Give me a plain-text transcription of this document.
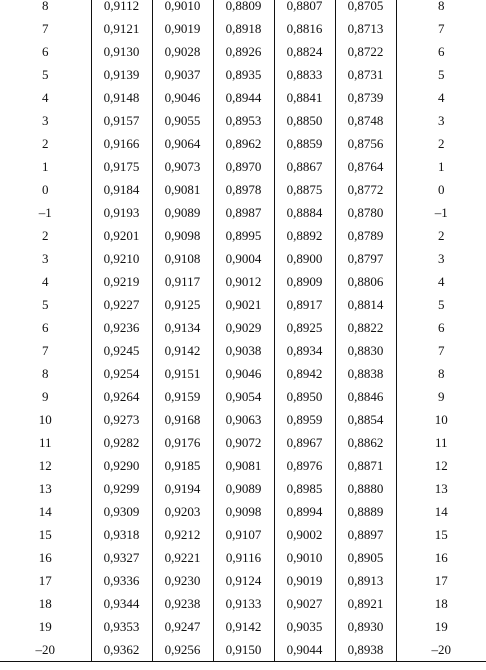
8	0,9112	0,9010	0,8809	0,8807	0,8705	8
7	0,9121	0,9019	0,8918	0,8816	0,8713	7
6	0,9130	0,9028	0,8926	0,8824	0,8722	6
5	0,9139	0,9037	0,8935	0,8833	0,8731	5
4	0,9148	0,9046	0,8944	0,8841	0,8739	4
3	0,9157	0,9055	0,8953	0,8850	0,8748	3
2	0,9166	0,9064	0,8962	0,8859	0,8756	2
1	0,9175	0,9073	0,8970	0,8867	0,8764	1
0	0,9184	0,9081	0,8978	0,8875	0,8772	0
–1	0,9193	0,9089	0,8987	0,8884	0,8780	–1
2	0,9201	0,9098	0,8995	0,8892	0,8789	2
3	0,9210	0,9108	0,9004	0,8900	0,8797	3
4	0,9219	0,9117	0,9012	0,8909	0,8806	4
5	0,9227	0,9125	0,9021	0,8917	0,8814	5
6	0,9236	0,9134	0,9029	0,8925	0,8822	6
7	0,9245	0,9142	0,9038	0,8934	0,8830	7
8	0,9254	0,9151	0,9046	0,8942	0,8838	8
9	0,9264	0,9159	0,9054	0,8950	0,8846	9
10	0,9273	0,9168	0,9063	0,8959	0,8854	10
11	0,9282	0,9176	0,9072	0,8967	0,8862	11
12	0,9290	0,9185	0,9081	0,8976	0,8871	12
13	0,9299	0,9194	0,9089	0,8985	0,8880	13
14	0,9309	0,9203	0,9098	0,8994	0,8889	14
15	0,9318	0,9212	0,9107	0,9002	0,8897	15
16	0,9327	0,9221	0,9116	0,9010	0,8905	16
17	0,9336	0,9230	0,9124	0,9019	0,8913	17
18	0,9344	0,9238	0,9133	0,9027	0,8921	18
19	0,9353	0,9247	0,9142	0,9035	0,8930	19
–20	0,9362	0,9256	0,9150	0,9044	0,8938	–20
